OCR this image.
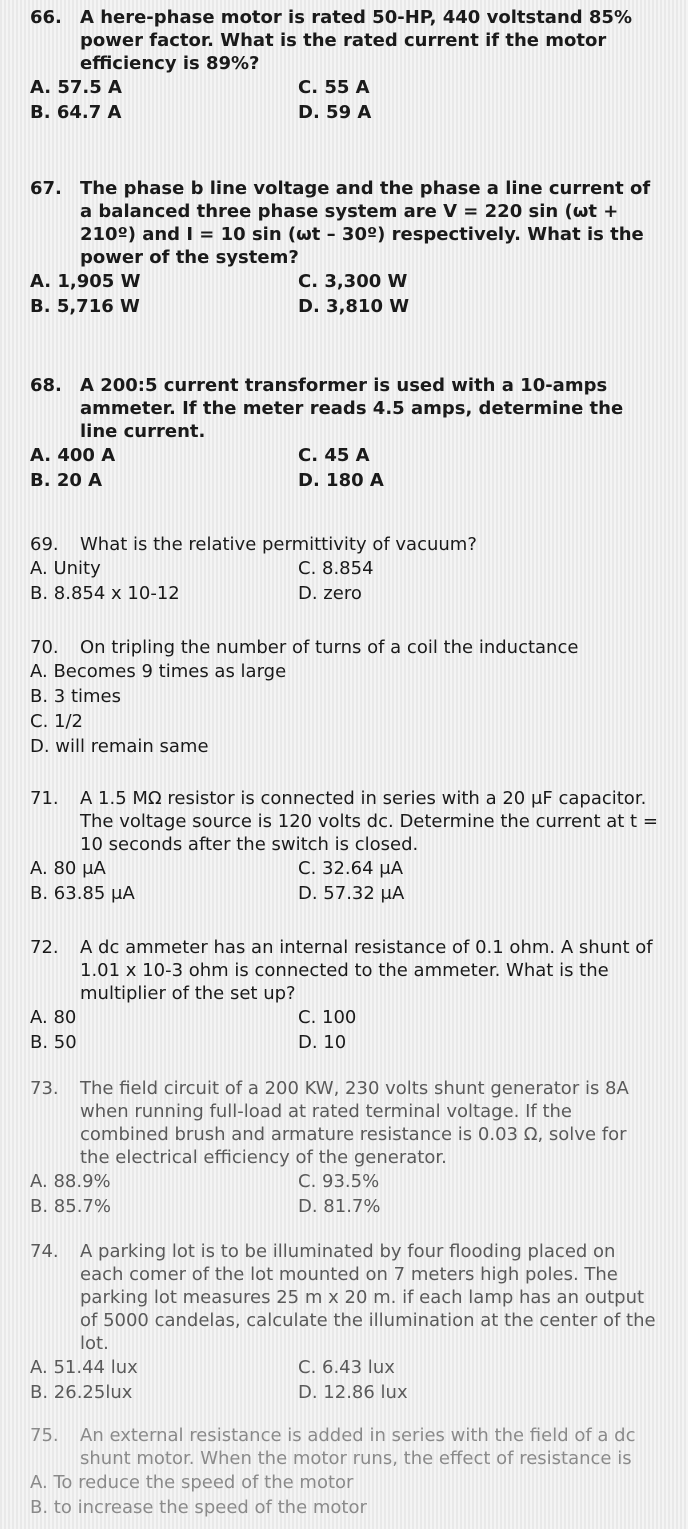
66.	A here-phase motor is rated 50-HP, 440 voltstand 85% power factor. What is the rated current if the motor efficiency is 89%?
A. 57.5 A	C. 55 A
B. 64.7 A	D. 59 A
67.	The phase b line voltage and the phase a line current of a balanced three phase system are V = 220 sin (ωt + 210º) and I = 10 sin (ωt – 30º) respectively. What is the power of the system?
A. 1,905 W	C. 3,300 W
B. 5,716 W	D. 3,810 W
68.	A 200:5 current transformer is used with a 10-amps ammeter. If the meter reads 4.5 amps, determine the line current.
A. 400 A	C. 45 A
B. 20 A	D. 180 A
69.	What is the relative permittivity of vacuum?
A. Unity	C. 8.854
B. 8.854 x 10-12	D. zero
70.	On tripling the number of turns of a coil the inductance
A. Becomes 9 times as large
B. 3 times
C. 1/2
D. will remain same
71.	A 1.5 MΩ resistor is connected in series with a 20 μF capacitor. The voltage source is 120 volts dc. Determine the current at t = 10 seconds after the switch is closed.
A. 80 μA	C. 32.64 μA
B. 63.85 μA	D. 57.32 μA
72.	A dc ammeter has an internal resistance of 0.1 ohm. A shunt of 1.01 x 10-3 ohm is connected to the ammeter. What is the multiplier of the set up?
A. 80	C. 100
B. 50	D. 10
73.	The field circuit of a 200 KW, 230 volts shunt generator is 8A when running full-load at rated terminal voltage. If the combined brush and armature resistance is 0.03 Ω, solve for the electrical efficiency of the generator.
A. 88.9%	C. 93.5%
B. 85.7%	D. 81.7%
74.	A parking lot is to be illuminated by four flooding placed on each comer of the lot mounted on 7 meters high poles. The parking lot measures 25 m x 20 m. if each lamp has an output of 5000 candelas, calculate the illumination at the center of the lot.
A. 51.44 lux	C. 6.43 lux
B. 26.25lux	D. 12.86 lux
75.	An external resistance is added in series with the field of a dc shunt motor. When the motor runs, the effect of resistance is
A. To reduce the speed of the motor
B. to increase the speed of the motor
